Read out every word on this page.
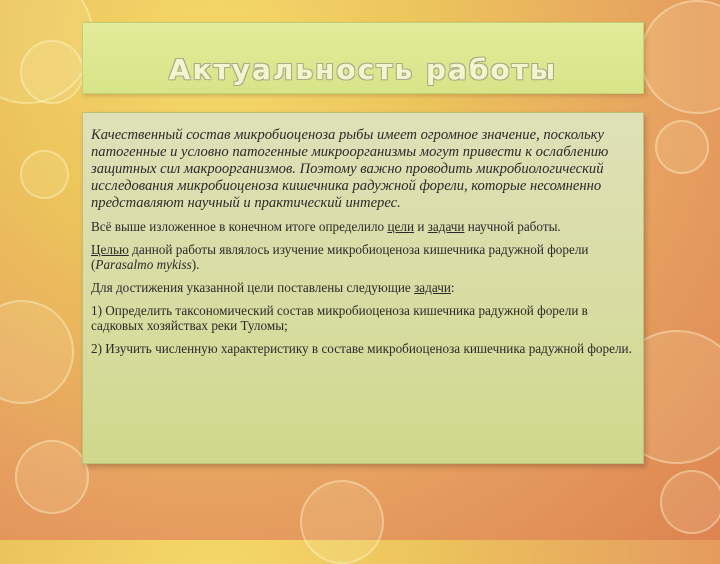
Актуальность работы

Качественный состав микробиоценоза рыбы имеет огромное значение, поскольку патогенные и условно патогенные микроорганизмы могут привести к ослаблению защитных сил макроорганизмов. Поэтому важно проводить микробиологический исследования микробиоценоза кишечника радужной форели, которые несомненно представляют научный и практический интерес.

Всё выше изложенное в конечном итоге определило цели и задачи научной работы.

Целью данной работы являлось изучение микробиоценоза кишечника радужной форели (Parasalmo mykiss).

Для достижения указанной цели поставлены следующие задачи:

1) Определить таксономический состав микробиоценоза кишечника радужной форели в садковых хозяйствах реки Туломы;

2) Изучить численную характеристику в составе микробиоценоза кишечника радужной форели.
